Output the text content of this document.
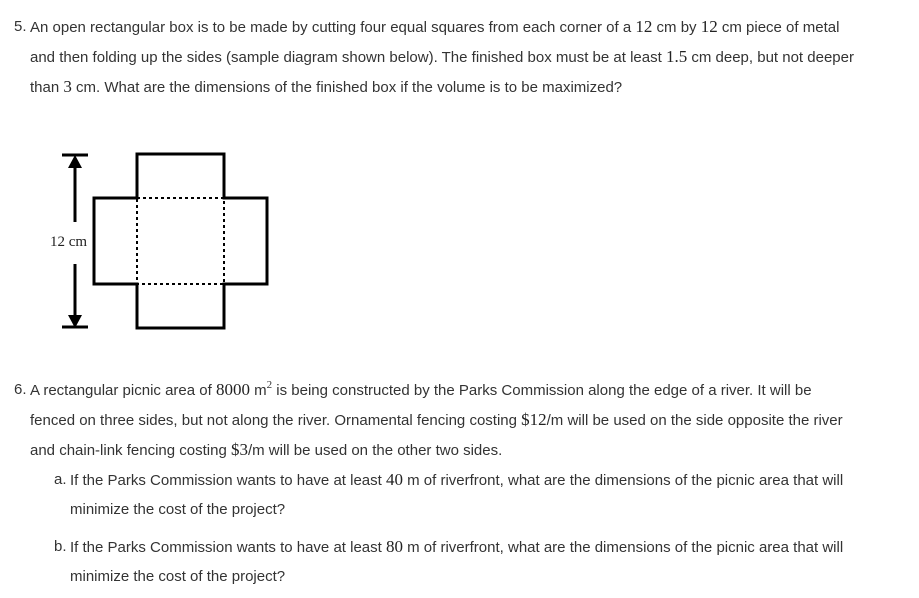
5. An open rectangular box is to be made by cutting four equal squares from each corner of a 12 cm by 12 cm piece of metal
and then folding up the sides (sample diagram shown below). The finished box must be at least 1.5 cm deep, but not deeper
than 3 cm. What are the dimensions of the finished box if the volume is to be maximized?
12 cm
6. A rectangular picnic area of 8000 $m^2$ is being constructed by the Parks Commission along the edge of a river. It will be
fenced on three sides, but not along the river. Ornamental fencing costing $12/m will be used on the side opposite the river
and chain-link fencing costing $3/m will be used on the other two sides.
a. If the Parks Commission wants to have at least 40 m of riverfront, what are the dimensions of the picnic area that will
minimize the cost of the project?
b. If the Parks Commission wants to have at least 80 m of riverfront, what are the dimensions of the picnic area that will
minimize the cost of the project?
